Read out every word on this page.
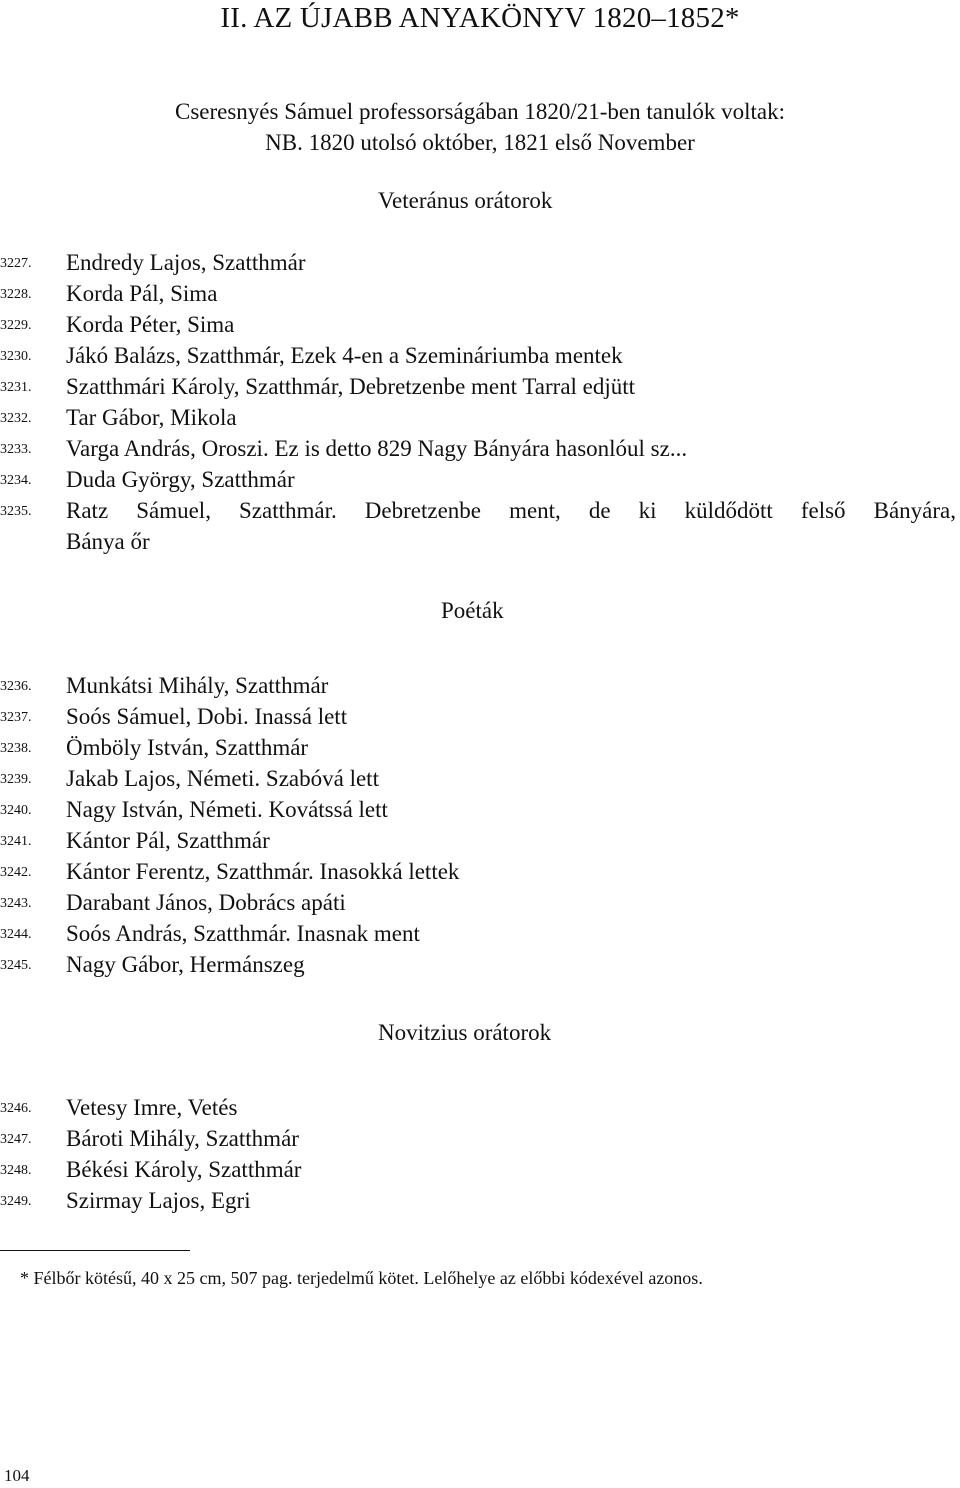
II. AZ ÚJABB ANYAKÖNYV 1820–1852*
Cseresnyés Sámuel professorságában 1820/21-ben tanulók voltak:
NB. 1820 utolsó október, 1821 első November
Veteránus orátorok
3227. Endredy Lajos, Szatthmár
3228. Korda Pál, Sima
3229. Korda Péter, Sima
3230. Jákó Balázs, Szatthmár, Ezek 4-en a Szemináriumba mentek
3231. Szatthmári Károly, Szatthmár, Debretzenbe ment Tarral edjütt
3232. Tar Gábor, Mikola
3233. Varga András, Oroszi. Ez is detto 829 Nagy Bányára hasonlóul sz...
3234. Duda György, Szatthmár
3235. Ratz Sámuel, Szatthmár. Debretzenbe ment, de ki küldődött felső Bányára,
Bánya őr
Poéták
3236. Munkátsi Mihály, Szatthmár
3237. Soós Sámuel, Dobi. Inassá lett
3238. Ömböly István, Szatthmár
3239. Jakab Lajos, Németi. Szabóvá lett
3240. Nagy István, Németi. Kovátssá lett
3241. Kántor Pál, Szatthmár
3242. Kántor Ferentz, Szatthmár. Inasokká lettek
3243. Darabant János, Dobrács apáti
3244. Soós András, Szatthmár. Inasnak ment
3245. Nagy Gábor, Hermánszeg
Novitzius orátorok
3246. Vetesy Imre, Vetés
3247. Bároti Mihály, Szatthmár
3248. Békési Károly, Szatthmár
3249. Szirmay Lajos, Egri
* Félbőr kötésű, 40 x 25 cm, 507 pag. terjedelmű kötet. Lelőhelye az előbbi kódexével azonos.
104
